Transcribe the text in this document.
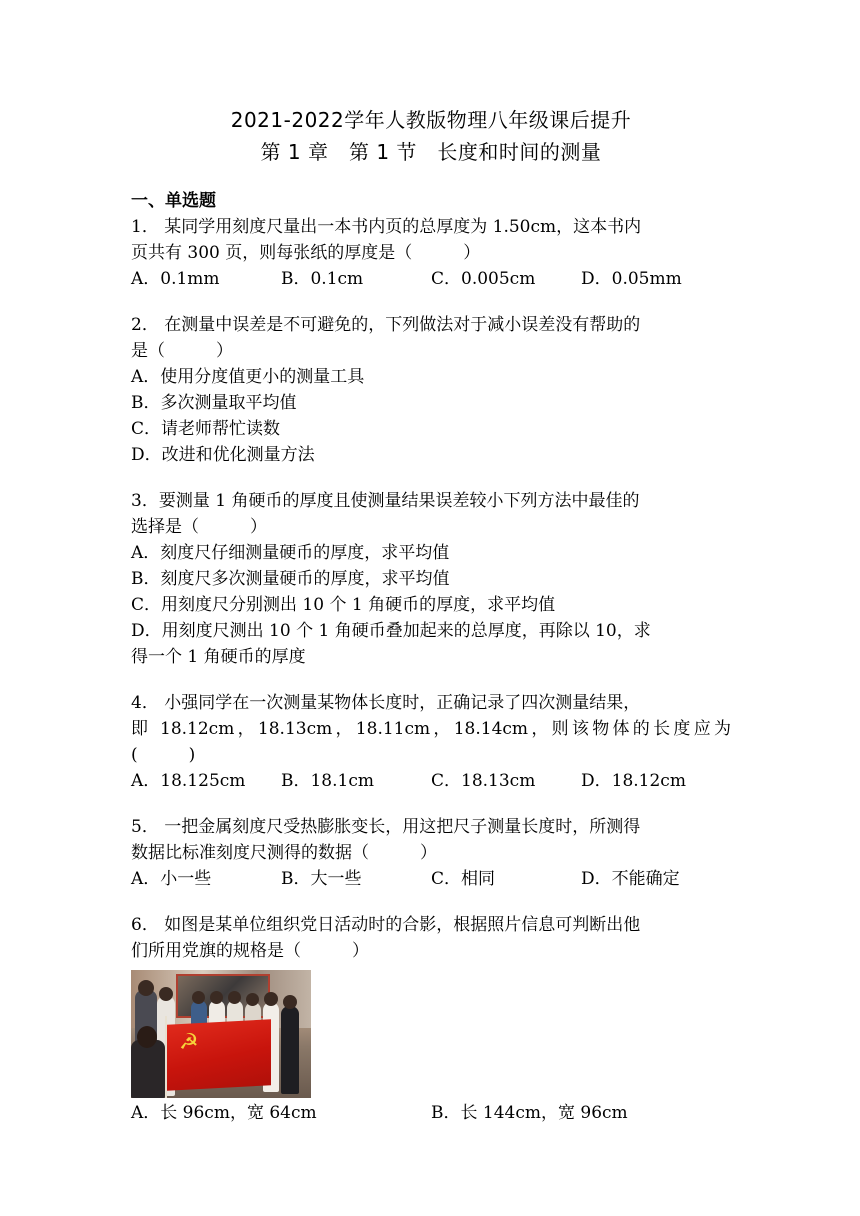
2021-2022学年人教版物理八年级课后提升
第 1 章　第 1 节　长度和时间的测量
一、单选题
1． 某同学用刻度尺量出一本书内页的总厚度为 1.50cm，这本书内
页共有 300 页，则每张纸的厚度是（　　　）
A．0.1mm	B．0.1cm	C．0.005cm	D．0.05mm
2． 在测量中误差是不可避免的，下列做法对于减小误差没有帮助的
是（　　　）
A．使用分度值更小的测量工具
B．多次测量取平均值
C．请老师帮忙读数
D．改进和优化测量方法
3．要测量 1 角硬币的厚度且使测量结果误差较小下列方法中最佳的
选择是（　　　）
A．刻度尺仔细测量硬币的厚度，求平均值
B．刻度尺多次测量硬币的厚度，求平均值
C．用刻度尺分别测出 10 个 1 角硬币的厚度，求平均值
D．用刻度尺测出 10 个 1 角硬币叠加起来的总厚度，再除以 10，求
得一个 1 角硬币的厚度
4． 小强同学在一次测量某物体长度时，正确记录了四次测量结果，
即 18.12cm，18.13cm，18.11cm，18.14cm，则该物体的长度应为(　　　)
A．18.125cm	B．18.1cm	C．18.13cm	D．18.12cm
5． 一把金属刻度尺受热膨胀变长，用这把尺子测量长度时，所测得
数据比标准刻度尺测得的数据（　　　）
A．小一些	B．大一些	C．相同	D．不能确定
6． 如图是某单位组织党日活动时的合影，根据照片信息可判断出他
们所用党旗的规格是（　　　）
☭
A．长 96cm，宽 64cm	B．长 144cm，宽 96cm
